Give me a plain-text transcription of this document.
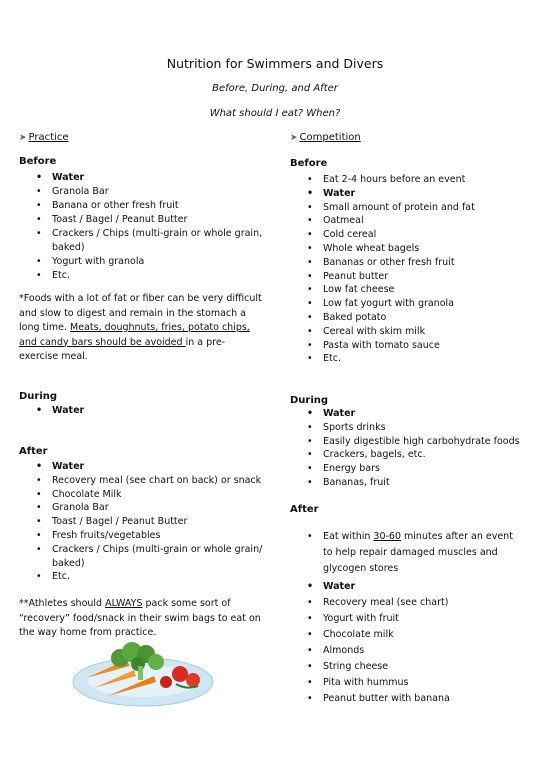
Nutrition for Swimmers and Divers
Before, During, and After
What should I eat? When?
➤ Practice
Before
• Water
• Granola Bar
• Banana or other fresh fruit
• Toast / Bagel / Peanut Butter
• Crackers / Chips (multi-grain or whole grain,
baked)
• Yogurt with granola
• Etc.
*Foods with a lot of fat or fiber can be very difficult and slow to digest and remain in the stomach a long time. Meats, doughnuts, fries, potato chips, and candy bars should be avoided in a pre-exercise meal.
During
• Water
After
• Water
• Recovery meal (see chart on back) or snack
• Chocolate Milk
• Granola Bar
• Toast / Bagel / Peanut Butter
• Fresh fruits/vegetables
• Crackers / Chips (multi-grain or whole grain/
baked)
• Etc.
**Athletes should ALWAYS pack some sort of “recovery” food/snack in their swim bags to eat on the way home from practice.
➤ Competition
Before
• Eat 2-4 hours before an event
• Water
• Small amount of protein and fat
• Oatmeal
• Cold cereal
• Whole wheat bagels
• Bananas or other fresh fruit
• Peanut butter
• Low fat cheese
• Low fat yogurt with granola
• Baked potato
• Cereal with skim milk
• Pasta with tomato sauce
• Etc.
During
• Water
• Sports drinks
• Easily digestible high carbohydrate foods
• Crackers, bagels, etc.
• Energy bars
• Bananas, fruit
After
• Eat within 30-60 minutes after an event to help repair damaged muscles and glycogen stores
• Water
• Recovery meal (see chart)
• Yogurt with fruit
• Chocolate milk
• Almonds
• String cheese
• Pita with hummus
• Peanut butter with banana
